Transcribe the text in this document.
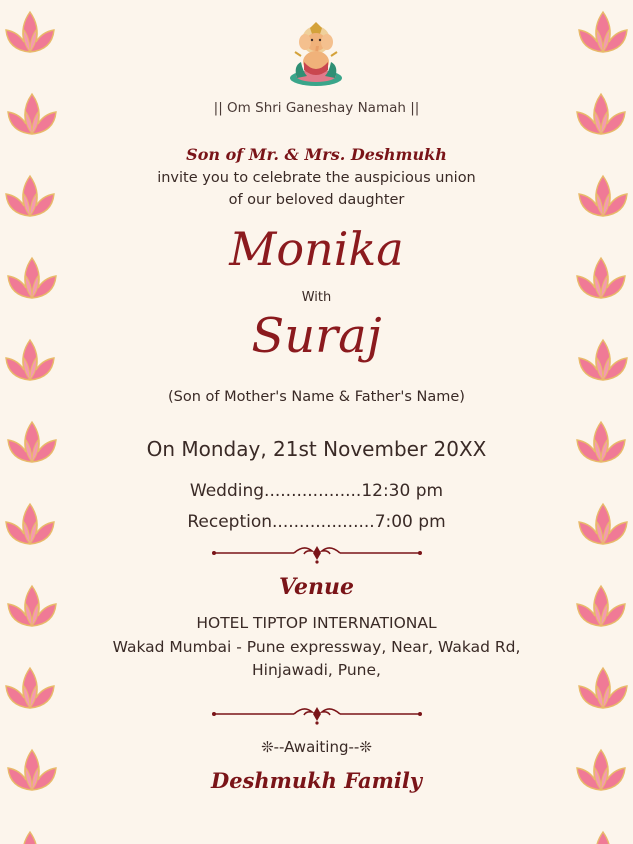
|| Om Shri Ganeshay Namah ||
Son of Mr. & Mrs. Deshmukh
invite you to celebrate the auspicious union
of our beloved daughter
Monika
With
Suraj
(Son of Mother's Name & Father's Name)
On Monday, 21st November 20XX
Wedding..................12:30 pm
Reception...................7:00 pm
Venue
HOTEL TIPTOP INTERNATIONAL
Wakad Mumbai - Pune expressway, Near, Wakad Rd,
Hinjawadi, Pune,
❊--Awaiting--❊
Deshmukh Family
